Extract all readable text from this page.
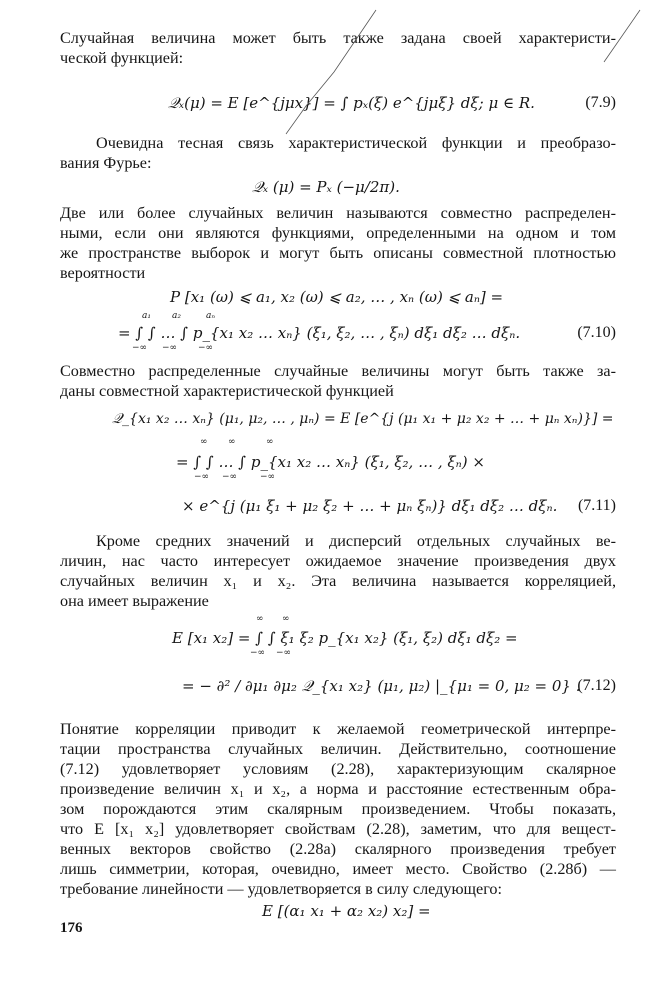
Случайная величина может быть также задана своей характеристи-
ческой функцией:
𝒬ₓ(μ) = E [e^{jμx}] = ∫ pₓ(ξ) e^{jμξ} dξ; μ ∈ R.	(7.9)
Очевидна тесная связь характеристической функции и преобразо-
вания Фурье:
𝒬ₓ (μ) = Pₓ (−μ/2π).
Две или более случайных величин называются совместно распределен-
ными, если они являются функциями, определенными на одном и том
же пространстве выборок и могут быть описаны совместной плотностью
вероятности
P [x₁ (ω) ⩽ a₁, x₂ (ω) ⩽ a₂, … , xₙ (ω) ⩽ aₙ] =
a₁ a₂	aₙ
= ∫ ∫ … ∫ p_{x₁ x₂ … xₙ} (ξ₁, ξ₂, … , ξₙ) dξ₁ dξ₂ … dξₙ.
−∞ −∞ −∞
(7.10)
Совместно распределенные случайные величины могут быть также за-
даны совместной характеристической функцией
𝒬_{x₁ x₂ … xₙ} (μ₁, μ₂, … , μₙ) = E [e^{j (μ₁ x₁ + μ₂ x₂ + … + μₙ xₙ)}] =
∞ ∞	∞
= ∫ ∫ … ∫ p_{x₁ x₂ … xₙ} (ξ₁, ξ₂, … , ξₙ) ×
−∞ −∞	−∞
× e^{j (μ₁ ξ₁ + μ₂ ξ₂ + … + μₙ ξₙ)} dξ₁ dξ₂ … dξₙ.	(7.11)
Кроме средних значений и дисперсий отдельных случайных ве-
личин, нас часто интересует ожидаемое значение произведения двух
случайных величин x₁ и x₂. Эта величина называется корреляцией,
она имеет выражение
∞ ∞
E [x₁ x₂] = ∫ ∫ ξ₁ ξ₂ p_{x₁ x₂} (ξ₁, ξ₂) dξ₁ dξ₂ =
−∞ −∞
= − ∂² / ∂μ₁ ∂μ₂ 𝒬_{x₁ x₂} (μ₁, μ₂) |_{μ₁ = 0, μ₂ = 0} .
(7.12)
Понятие корреляции приводит к желаемой геометрической интерпре-
тации пространства случайных величин. Действительно, соотношение
(7.12) удовлетворяет условиям (2.28), характеризующим скалярное
произведение величин x₁ и x₂, а норма и расстояние естественным обра-
зом порождаются этим скалярным произведением. Чтобы показать,
что E [x₁ x₂] удовлетворяет свойствам (2.28), заметим, что для вещест-
венных векторов свойство (2.28а) скалярного произведения требует
лишь симметрии, которая, очевидно, имеет место. Свойство (2.28б) —
требование линейности — удовлетворяется в силу следующего:
E [(α₁ x₁ + α₂ x₂) x₂] =
176
